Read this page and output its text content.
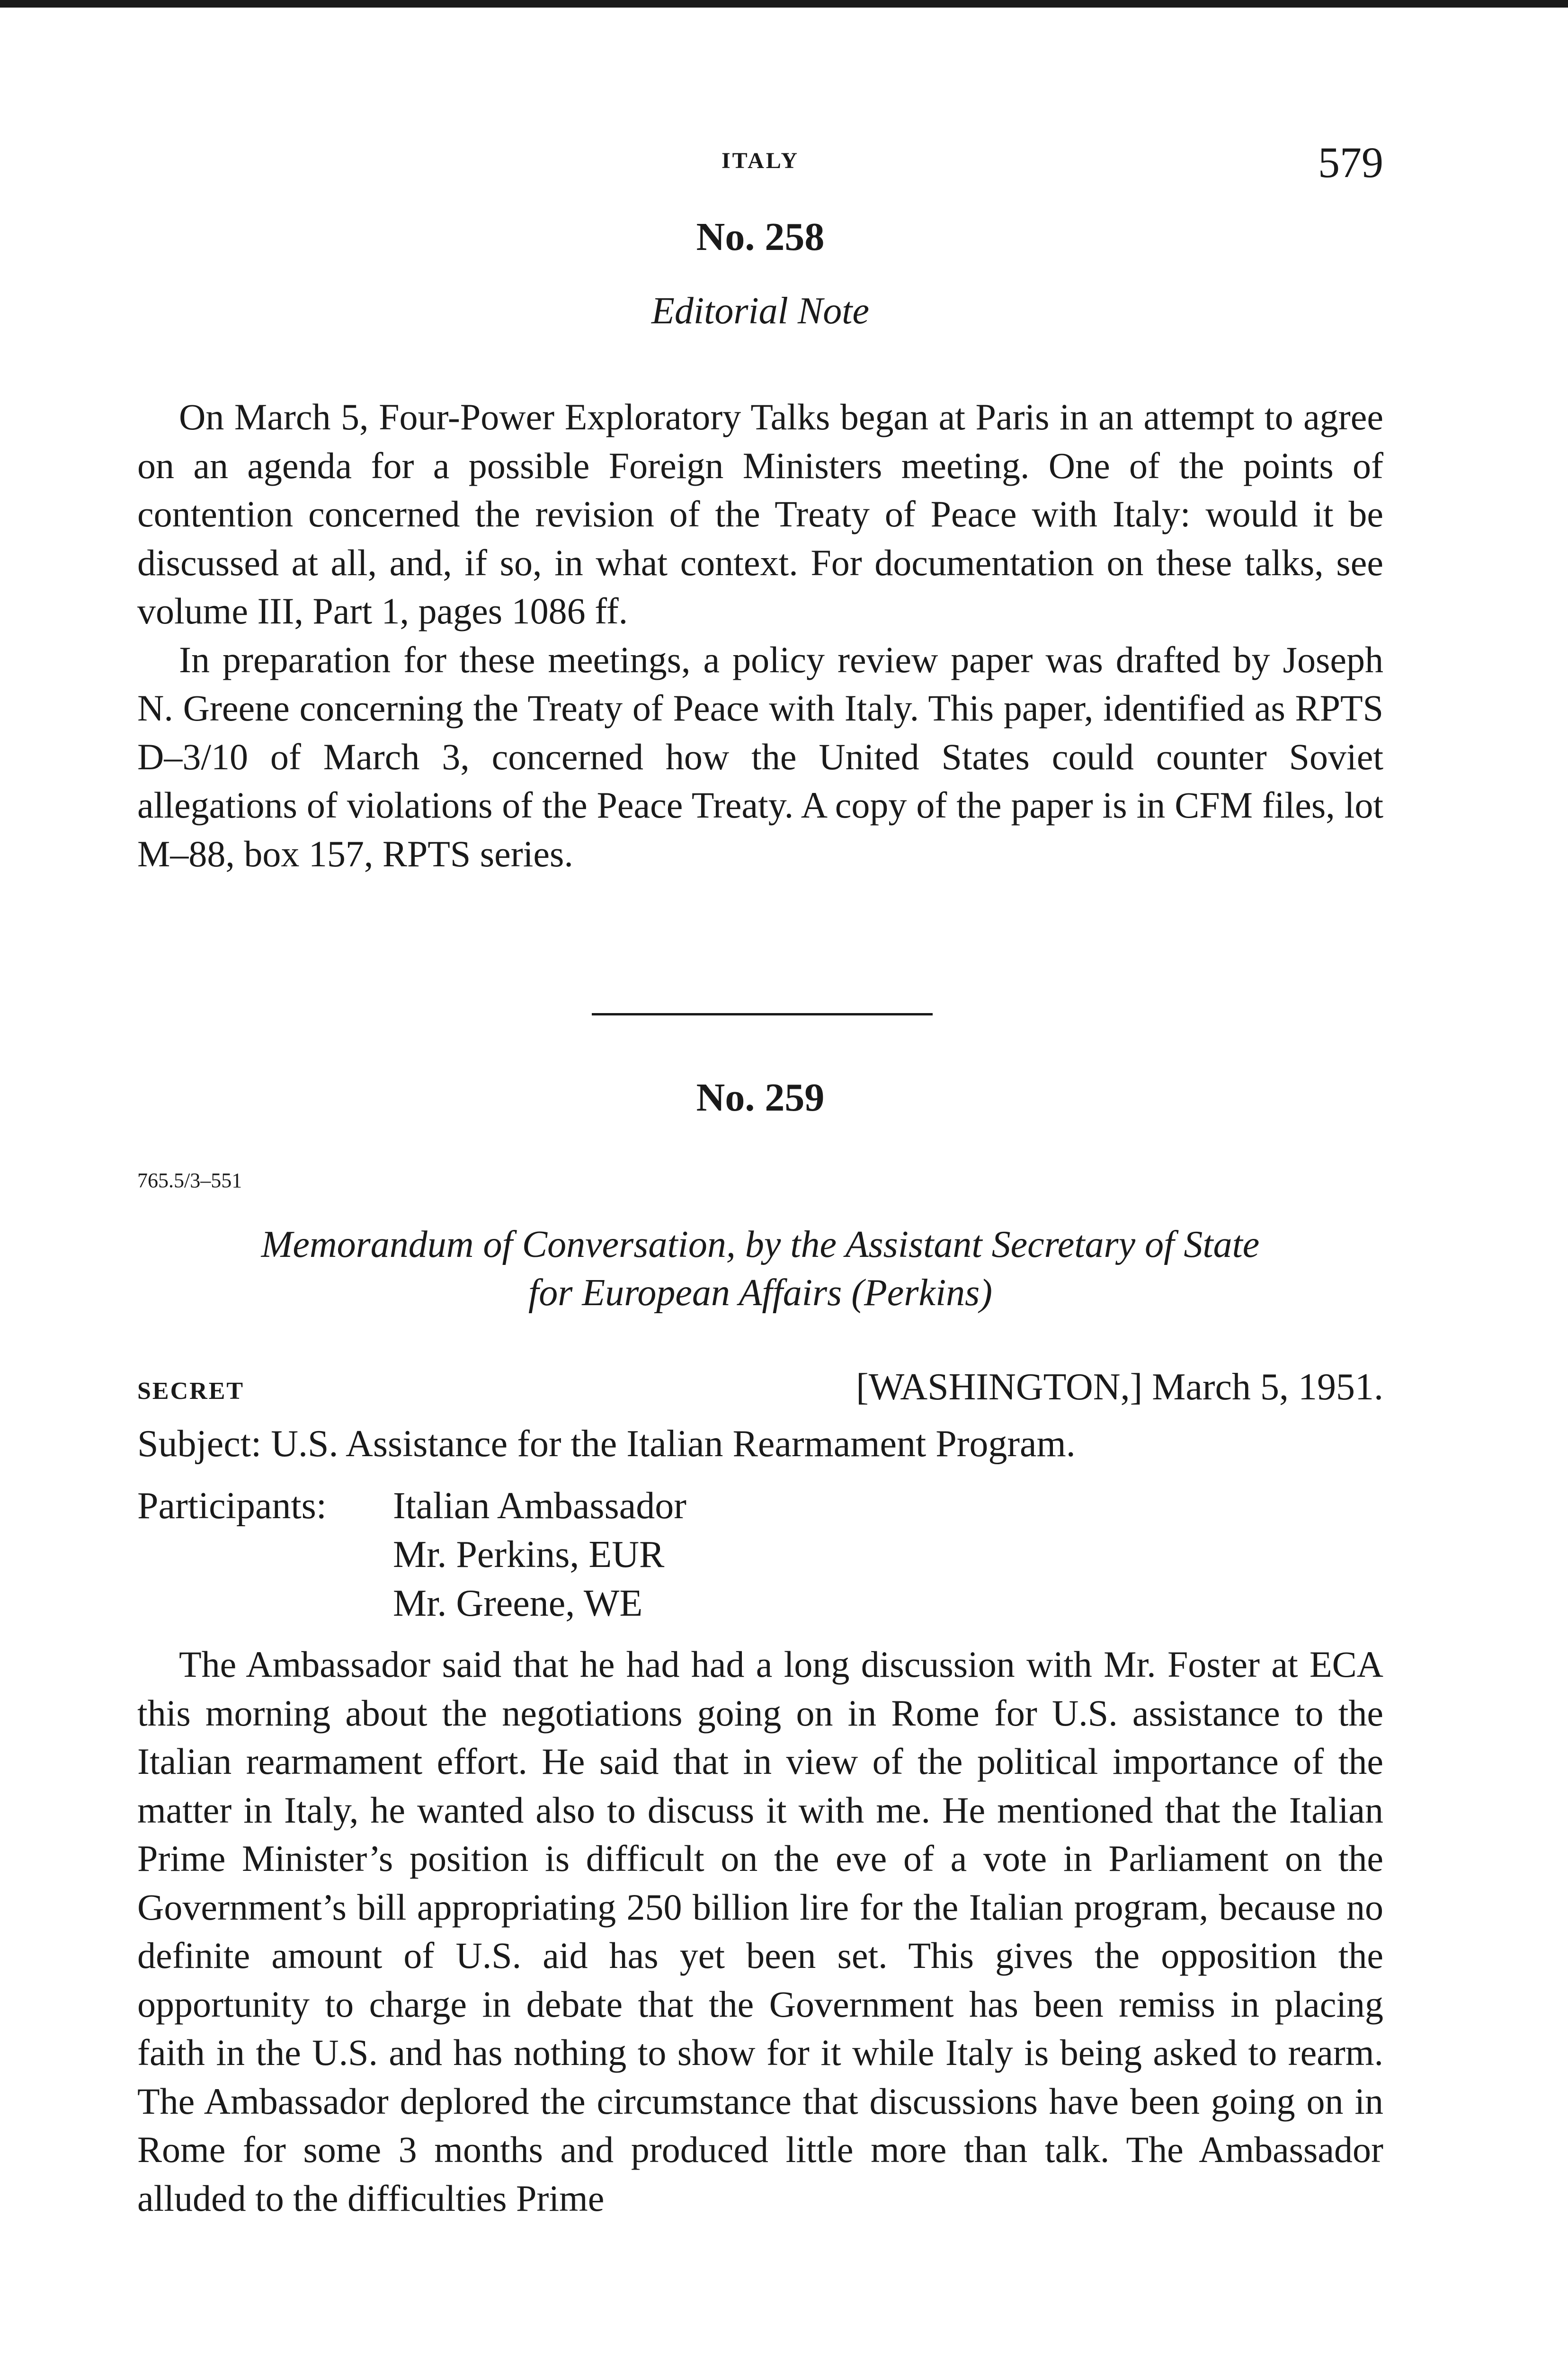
ITALY	579
No. 258
Editorial Note

On March 5, Four-Power Exploratory Talks began at Paris in an attempt to agree on an agenda for a possible Foreign Ministers meeting. One of the points of contention concerned the revision of the Treaty of Peace with Italy: would it be discussed at all, and, if so, in what context. For documentation on these talks, see volume III, Part 1, pages 1086 ff.

In preparation for these meetings, a policy review paper was drafted by Joseph N. Greene concerning the Treaty of Peace with Italy. This paper, identified as RPTS D–3/10 of March 3, concerned how the United States could counter Soviet allegations of violations of the Peace Treaty. A copy of the paper is in CFM files, lot M–88, box 157, RPTS series.

No. 259
765.5/3–551
Memorandum of Conversation, by the Assistant Secretary of State
for European Affairs (Perkins)
SECRET	[WASHINGTON,] March 5, 1951.
Subject: U.S. Assistance for the Italian Rearmament Program.
Participants: Italian Ambassador
Mr. Perkins, EUR
Mr. Greene, WE

The Ambassador said that he had had a long discussion with Mr. Foster at ECA this morning about the negotiations going on in Rome for U.S. assistance to the Italian rearmament effort. He said that in view of the political importance of the matter in Italy, he wanted also to discuss it with me. He mentioned that the Italian Prime Minister’s position is difficult on the eve of a vote in Parliament on the Government’s bill appropriating 250 billion lire for the Italian program, because no definite amount of U.S. aid has yet been set. This gives the opposition the opportunity to charge in debate that the Government has been remiss in placing faith in the U.S. and has nothing to show for it while Italy is being asked to rearm. The Ambassador deplored the circumstance that discussions have been going on in Rome for some 3 months and produced little more than talk. The Ambassador alluded to the difficulties Prime
